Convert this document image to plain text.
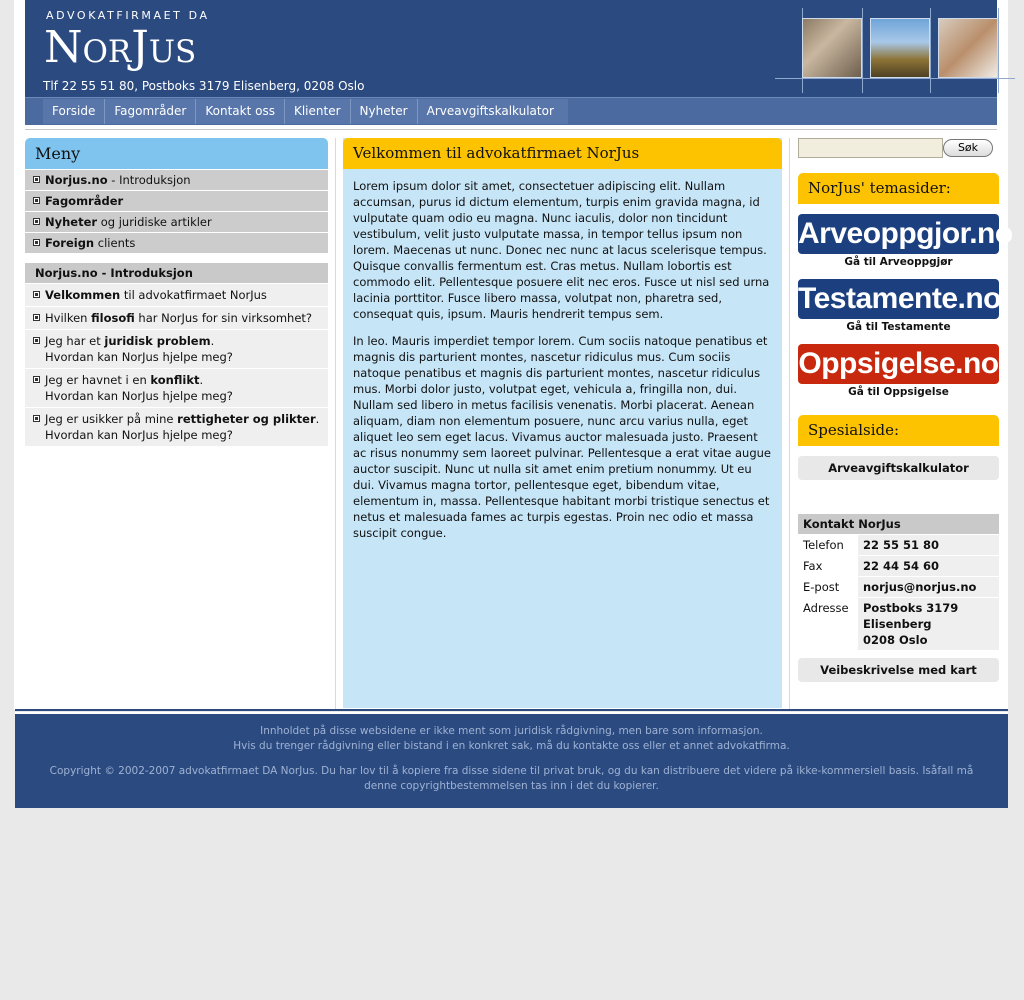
ADVOKATFIRMAET DA
NorJus
Tlf 22 55 51 80, Postboks 3179 Elisenberg, 0208 Oslo
Forside	Fagområder	Kontakt oss	Klienter	Nyheter	Arveavgiftskalkulator
Meny
Norjus.no - Introduksjon
Fagområder
Nyheter og juridiske artikler
Foreign clients
Norjus.no - Introduksjon
Velkommen til advokatfirmaet NorJus
Hvilken filosofi har NorJus for sin virksomhet?
Jeg har et juridisk problem.
Hvordan kan NorJus hjelpe meg?
Jeg er havnet i en konflikt.
Hvordan kan NorJus hjelpe meg?
Jeg er usikker på mine rettigheter og plikter. Hvordan kan NorJus hjelpe meg?
Velkommen til advokatfirmaet NorJus

Lorem ipsum dolor sit amet, consectetuer adipiscing elit. Nullam accumsan, purus id dictum elementum, turpis enim gravida magna, id vulputate quam odio eu magna. Nunc iaculis, dolor non tincidunt vestibulum, velit justo vulputate massa, in tempor tellus ipsum non lorem. Maecenas ut nunc. Donec nec nunc at lacus scelerisque tempus. Quisque convallis fermentum est. Cras metus. Nullam lobortis est commodo elit. Pellentesque posuere elit nec eros. Fusce ut nisl sed urna lacinia porttitor. Fusce libero massa, volutpat non, pharetra sed, consequat quis, ipsum. Mauris hendrerit tempus sem.

In leo. Mauris imperdiet tempor lorem. Cum sociis natoque penatibus et magnis dis parturient montes, nascetur ridiculus mus. Cum sociis natoque penatibus et magnis dis parturient montes, nascetur ridiculus mus. Morbi dolor justo, volutpat eget, vehicula a, fringilla non, dui. Nullam sed libero in metus facilisis venenatis. Morbi placerat. Aenean aliquam, diam non elementum posuere, nunc arcu varius nulla, eget aliquet leo sem eget lacus. Vivamus auctor malesuada justo. Praesent ac risus nonummy sem laoreet pulvinar. Pellentesque a erat vitae augue auctor suscipit. Nunc ut nulla sit amet enim pretium nonummy. Ut eu dui. Vivamus magna tortor, pellentesque eget, bibendum vitae, elementum in, massa. Pellentesque habitant morbi tristique senectus et netus et malesuada fames ac turpis egestas. Proin nec odio et massa suscipit congue.

Søk
NorJus' temasider:
Arveoppgjor.no
Gå til Arveoppgjør
Testamente.no
Gå til Testamente
Oppsigelse.no
Gå til Oppsigelse
Spesialside:
Arveavgiftskalkulator
Kontakt NorJus
Telefon	22 55 51 80
Fax	22 44 54 60
E-post	norjus@norjus.no
Adresse	Postboks 3179
Elisenberg
0208 Oslo
Veibeskrivelse med kart
Innholdet på disse websidene er ikke ment som juridisk rådgivning, men bare som informasjon.
Hvis du trenger rådgivning eller bistand i en konkret sak, må du kontakte oss eller et annet advokatfirma.
Copyright © 2002-2007 advokatfirmaet DA NorJus. Du har lov til å kopiere fra disse sidene til privat bruk, og du kan distribuere det videre på ikke-kommersiell basis. Isåfall må denne copyrightbestemmelsen tas inn i det du kopierer.
